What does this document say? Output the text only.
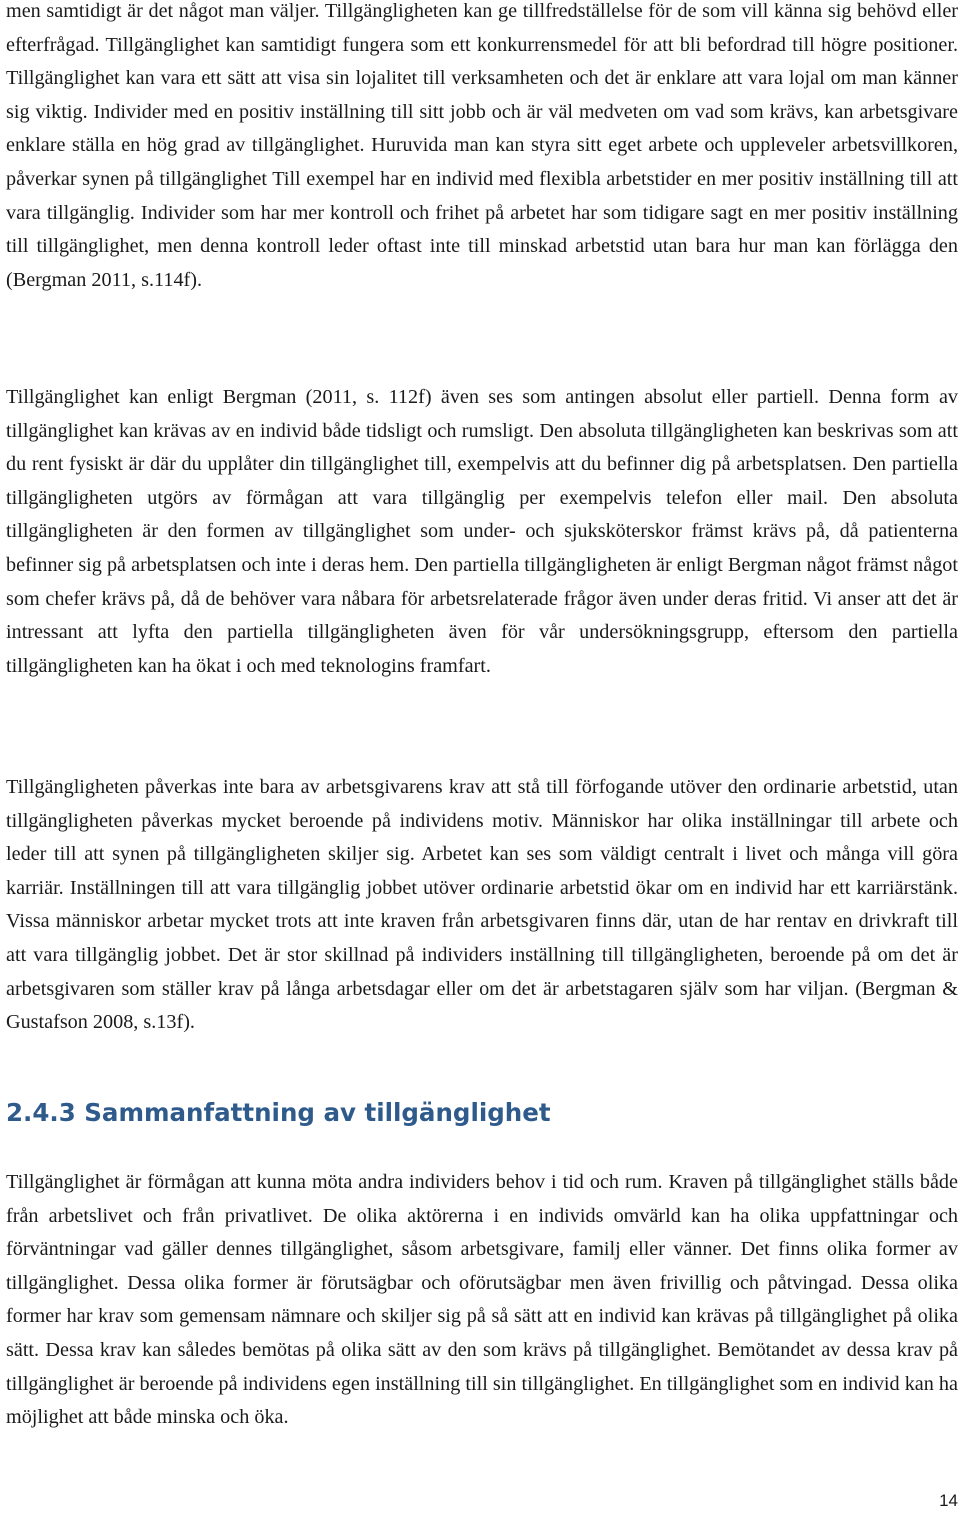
men samtidigt är det något man väljer. Tillgängligheten kan ge tillfredställelse för de som vill känna sig behövd eller efterfrågad. Tillgänglighet kan samtidigt fungera som ett konkurrensmedel för att bli befordrad till högre positioner. Tillgänglighet kan vara ett sätt att visa sin lojalitet till verksamheten och det är enklare att vara lojal om man känner sig viktig. Individer med en positiv inställning till sitt jobb och är väl medveten om vad som krävs, kan arbetsgivare enklare ställa en hög grad av tillgänglighet. Huruvida man kan styra sitt eget arbete och uppleveler arbetsvillkoren, påverkar synen på tillgänglighet Till exempel har en individ med flexibla arbetstider en mer positiv inställning till att vara tillgänglig. Individer som har mer kontroll och frihet på arbetet har som tidigare sagt en mer positiv inställning till tillgänglighet, men denna kontroll leder oftast inte till minskad arbetstid utan bara hur man kan förlägga den (Bergman 2011, s.114f).

Tillgänglighet kan enligt Bergman (2011, s. 112f) även ses som antingen absolut eller partiell. Denna form av tillgänglighet kan krävas av en individ både tidsligt och rumsligt. Den absoluta tillgängligheten kan beskrivas som att du rent fysiskt är där du upplåter din tillgänglighet till, exempelvis att du befinner dig på arbetsplatsen. Den partiella tillgängligheten utgörs av förmågan att vara tillgänglig per exempelvis telefon eller mail. Den absoluta tillgängligheten är den formen av tillgänglighet som under- och sjuksköterskor främst krävs på, då patienterna befinner sig på arbetsplatsen och inte i deras hem. Den partiella tillgängligheten är enligt Bergman något främst något som chefer krävs på, då de behöver vara nåbara för arbetsrelaterade frågor även under deras fritid. Vi anser att det är intressant att lyfta den partiella tillgängligheten även för vår undersökningsgrupp, eftersom den partiella tillgängligheten kan ha ökat i och med teknologins framfart.

Tillgängligheten påverkas inte bara av arbetsgivarens krav att stå till förfogande utöver den ordinarie arbetstid, utan tillgängligheten påverkas mycket beroende på individens motiv. Människor har olika inställningar till arbete och leder till att synen på tillgängligheten skiljer sig. Arbetet kan ses som väldigt centralt i livet och många vill göra karriär. Inställningen till att vara tillgänglig jobbet utöver ordinarie arbetstid ökar om en individ har ett karriärstänk. Vissa människor arbetar mycket trots att inte kraven från arbetsgivaren finns där, utan de har rentav en drivkraft till att vara tillgänglig jobbet. Det är stor skillnad på individers inställning till tillgängligheten, beroende på om det är arbetsgivaren som ställer krav på långa arbetsdagar eller om det är arbetstagaren själv som har viljan. (Bergman & Gustafson 2008, s.13f).

2.4.3 Sammanfattning av tillgänglighet

Tillgänglighet är förmågan att kunna möta andra individers behov i tid och rum. Kraven på tillgänglighet ställs både från arbetslivet och från privatlivet. De olika aktörerna i en individs omvärld kan ha olika uppfattningar och förväntningar vad gäller dennes tillgänglighet, såsom arbetsgivare, familj eller vänner. Det finns olika former av tillgänglighet. Dessa olika former är förutsägbar och oförutsägbar men även frivillig och påtvingad. Dessa olika former har krav som gemensam nämnare och skiljer sig på så sätt att en individ kan krävas på tillgänglighet på olika sätt. Dessa krav kan således bemötas på olika sätt av den som krävs på tillgänglighet. Bemötandet av dessa krav på tillgänglighet är beroende på individens egen inställning till sin tillgänglighet. En tillgänglighet som en individ kan ha möjlighet att både minska och öka.

14
